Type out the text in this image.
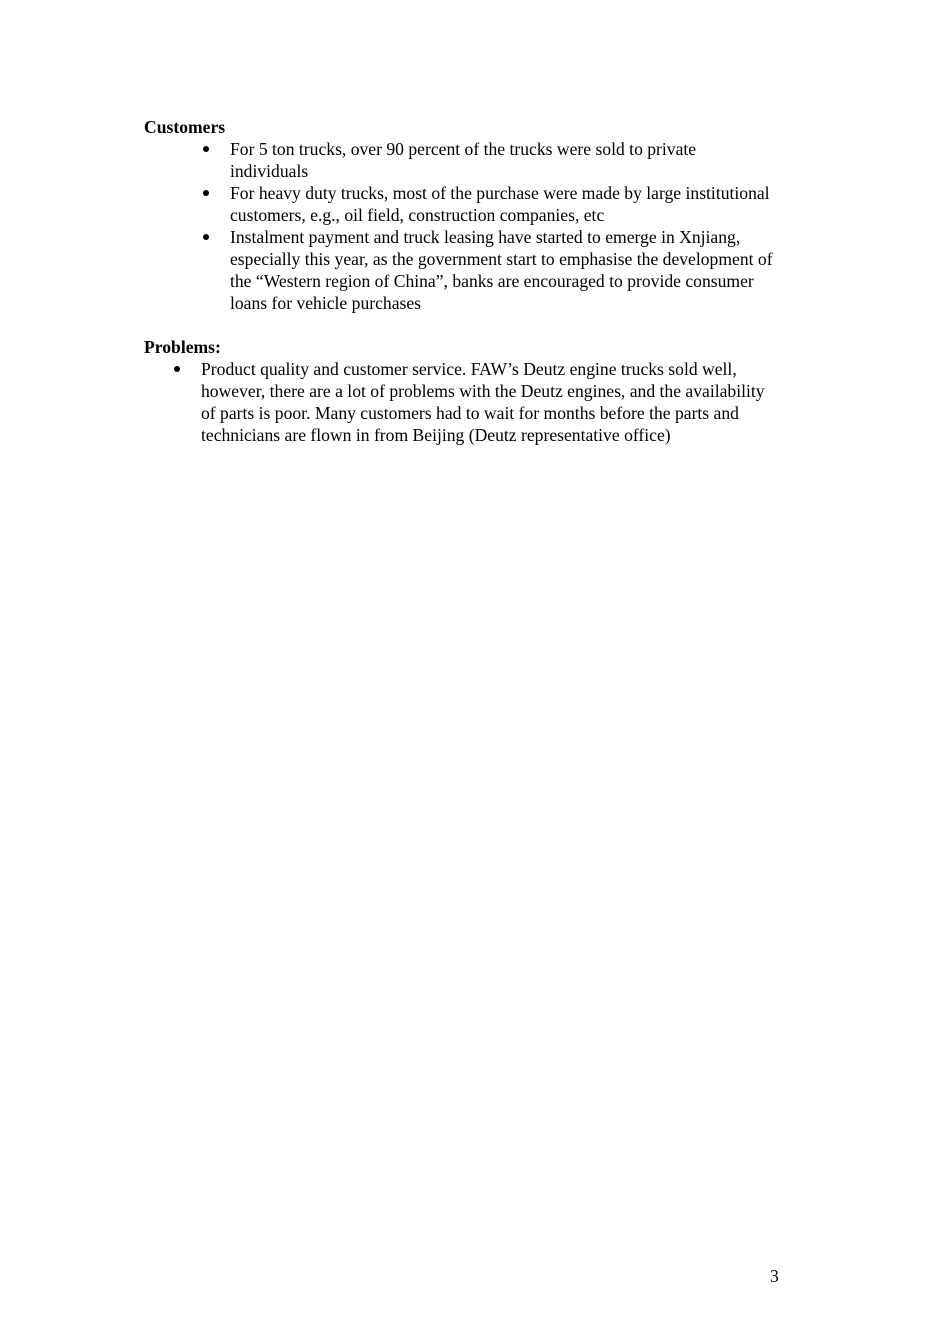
Customers

For 5 ton trucks, over 90 percent of the trucks were sold to private individuals
For heavy duty trucks, most of the purchase were made by large institutional customers, e.g., oil field, construction companies, etc
Instalment payment and truck leasing have started to emerge in Xnjiang, especially this year, as the government start to emphasise the development of the “Western region of China”, banks are encouraged to provide consumer loans for vehicle purchases

Problems:

Product quality and customer service. FAW’s Deutz engine trucks sold well, however, there are a lot of problems with the Deutz engines, and the availability of parts is poor. Many customers had to wait for months before the parts and technicians are flown in from Beijing (Deutz representative office)

3
